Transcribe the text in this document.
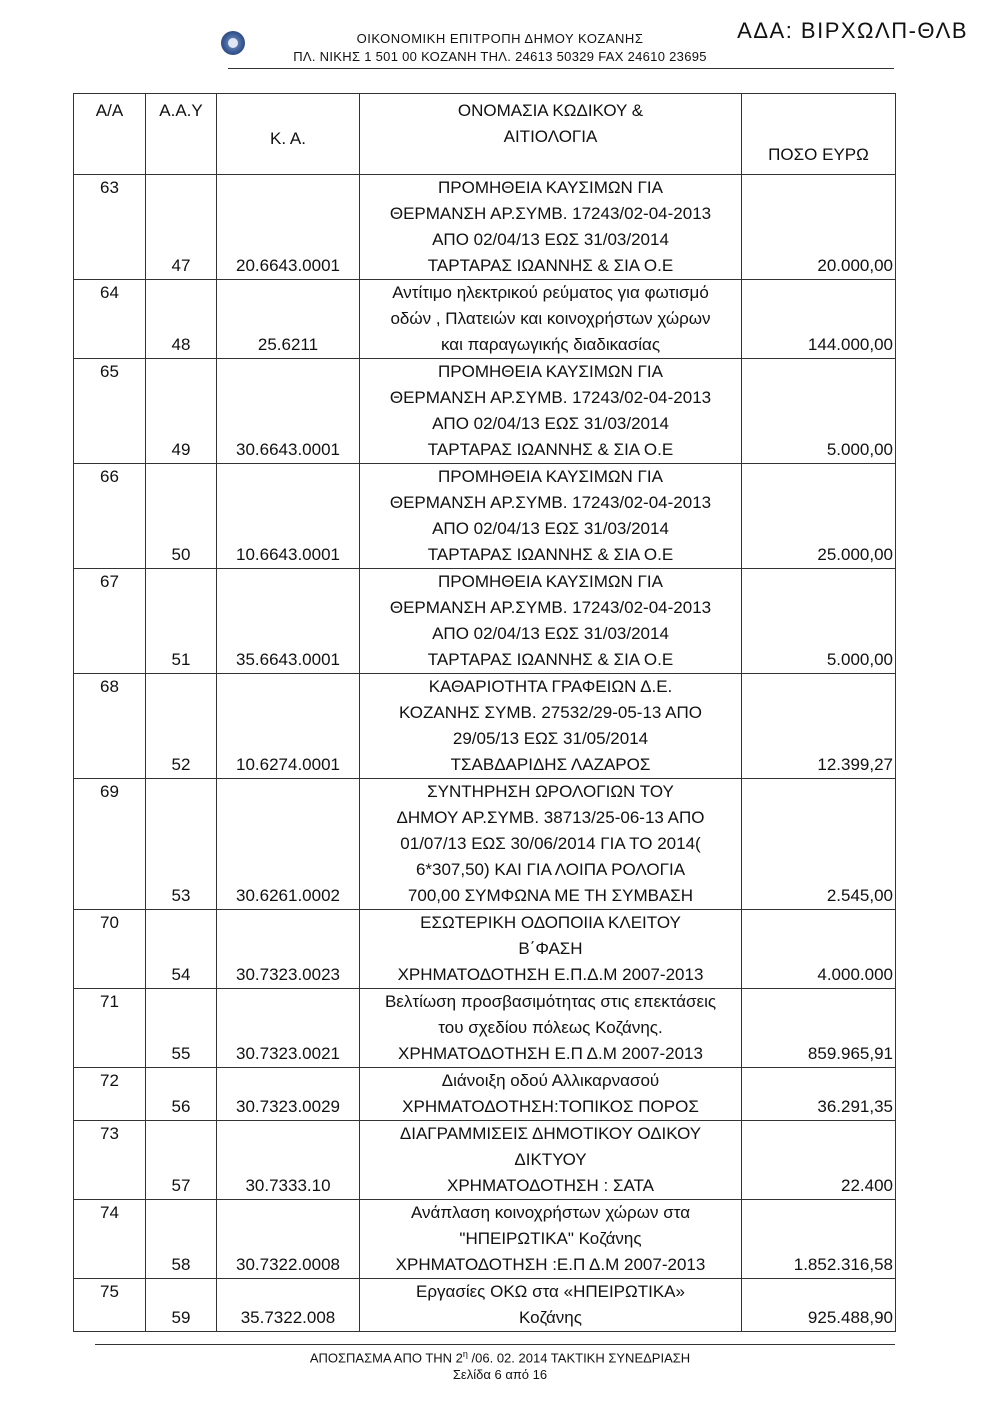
ΟΙΚΟΝΟΜΙΚΗ ΕΠΙΤΡΟΠΗ ΔΗΜΟΥ ΚΟΖΑΝΗΣ
ΠΛ. ΝΙΚΗΣ 1 501 00 ΚΟΖΑΝΗ ΤΗΛ. 24613 50329 FAX 24610 23695
ΑΔΑ: ΒΙΡΧΩΛΠ-ΘΛΒ
Α/Α	Α.Α.Υ	Κ. Α.	ΟΝΟΜΑΣΙΑ ΚΩΔΙΚΟΥ &
ΑΙΤΙΟΛΟΓΙΑ	ΠΟΣΟ ΕΥΡΩ
63	47	20.6643.0001	ΠΡΟΜΗΘΕΙΑ ΚΑΥΣΙΜΩΝ ΓΙΑ
ΘΕΡΜΑΝΣΗ ΑΡ.ΣΥΜΒ. 17243/02-04-2013
ΑΠΟ 02/04/13 ΕΩΣ 31/03/2014
ΤΑΡΤΑΡΑΣ ΙΩΑΝΝΗΣ & ΣΙΑ Ο.Ε	20.000,00
64	48	25.6211	Αντίτιμο ηλεκτρικού ρεύματος για φωτισμό
οδών , Πλατειών και κοινοχρήστων χώρων
και παραγωγικής διαδικασίας	144.000,00
65	49	30.6643.0001	ΠΡΟΜΗΘΕΙΑ ΚΑΥΣΙΜΩΝ ΓΙΑ
ΘΕΡΜΑΝΣΗ ΑΡ.ΣΥΜΒ. 17243/02-04-2013
ΑΠΟ 02/04/13 ΕΩΣ 31/03/2014
ΤΑΡΤΑΡΑΣ ΙΩΑΝΝΗΣ & ΣΙΑ Ο.Ε	5.000,00
66	50	10.6643.0001	ΠΡΟΜΗΘΕΙΑ ΚΑΥΣΙΜΩΝ ΓΙΑ
ΘΕΡΜΑΝΣΗ ΑΡ.ΣΥΜΒ. 17243/02-04-2013
ΑΠΟ 02/04/13 ΕΩΣ 31/03/2014
ΤΑΡΤΑΡΑΣ ΙΩΑΝΝΗΣ & ΣΙΑ Ο.Ε	25.000,00
67	51	35.6643.0001	ΠΡΟΜΗΘΕΙΑ ΚΑΥΣΙΜΩΝ ΓΙΑ
ΘΕΡΜΑΝΣΗ ΑΡ.ΣΥΜΒ. 17243/02-04-2013
ΑΠΟ 02/04/13 ΕΩΣ 31/03/2014
ΤΑΡΤΑΡΑΣ ΙΩΑΝΝΗΣ & ΣΙΑ Ο.Ε	5.000,00
68	52	10.6274.0001	ΚΑΘΑΡΙΟΤΗΤΑ ΓΡΑΦΕΙΩΝ Δ.Ε.
ΚΟΖΑΝΗΣ ΣΥΜΒ. 27532/29-05-13 ΑΠΟ
29/05/13 ΕΩΣ 31/05/2014
ΤΣΑΒΔΑΡΙΔΗΣ ΛΑΖΑΡΟΣ	12.399,27
69	53	30.6261.0002	ΣΥΝΤΗΡΗΣΗ ΩΡΟΛΟΓΙΩΝ ΤΟΥ
ΔΗΜΟΥ ΑΡ.ΣΥΜΒ. 38713/25-06-13 ΑΠΟ
01/07/13 ΕΩΣ 30/06/2014 ΓΙΑ ΤΟ 2014(
6*307,50) ΚΑΙ ΓΙΑ ΛΟΙΠΑ ΡΟΛΟΓΙΑ
700,00 ΣΥΜΦΩΝΑ ΜΕ ΤΗ ΣΥΜΒΑΣΗ	2.545,00
70	54	30.7323.0023	ΕΣΩΤΕΡΙΚΗ ΟΔΟΠΟΙΙΑ ΚΛΕΙΤΟΥ
Β΄ΦΑΣΗ
ΧΡΗΜΑΤΟΔΟΤΗΣΗ Ε.Π.Δ.Μ 2007-2013	4.000.000
71	55	30.7323.0021	Βελτίωση προσβασιμότητας στις επεκτάσεις
του σχεδίου πόλεως Κοζάνης.
ΧΡΗΜΑΤΟΔΟΤΗΣΗ Ε.Π Δ.Μ 2007-2013	859.965,91
72	56	30.7323.0029	Διάνοιξη οδού Αλλικαρνασού
ΧΡΗΜΑΤΟΔΟΤΗΣΗ:ΤΟΠΙΚΟΣ ΠΟΡΟΣ	36.291,35
73	57	30.7333.10	ΔΙΑΓΡΑΜΜΙΣΕΙΣ ΔΗΜΟΤΙΚΟΥ ΟΔΙΚΟΥ
ΔΙΚΤΥΟΥ
ΧΡΗΜΑΤΟΔΟΤΗΣΗ : ΣΑΤΑ	22.400
74	58	30.7322.0008	Ανάπλαση κοινοχρήστων χώρων στα
"ΗΠΕΙΡΩΤΙΚΑ" Κοζάνης
ΧΡΗΜΑΤΟΔΟΤΗΣΗ :Ε.Π Δ.Μ 2007-2013	1.852.316,58
75	59	35.7322.008	Εργασίες ΟΚΩ στα «ΗΠΕΙΡΩΤΙΚΑ»
Κοζάνης	925.488,90
ΑΠΟΣΠΑΣΜΑ ΑΠΟ ΤΗΝ $2^\eta$ /06. 02. 2014 ΤΑΚΤΙΚΗ ΣΥΝΕΔΡΙΑΣΗ
Σελίδα 6 από 16
